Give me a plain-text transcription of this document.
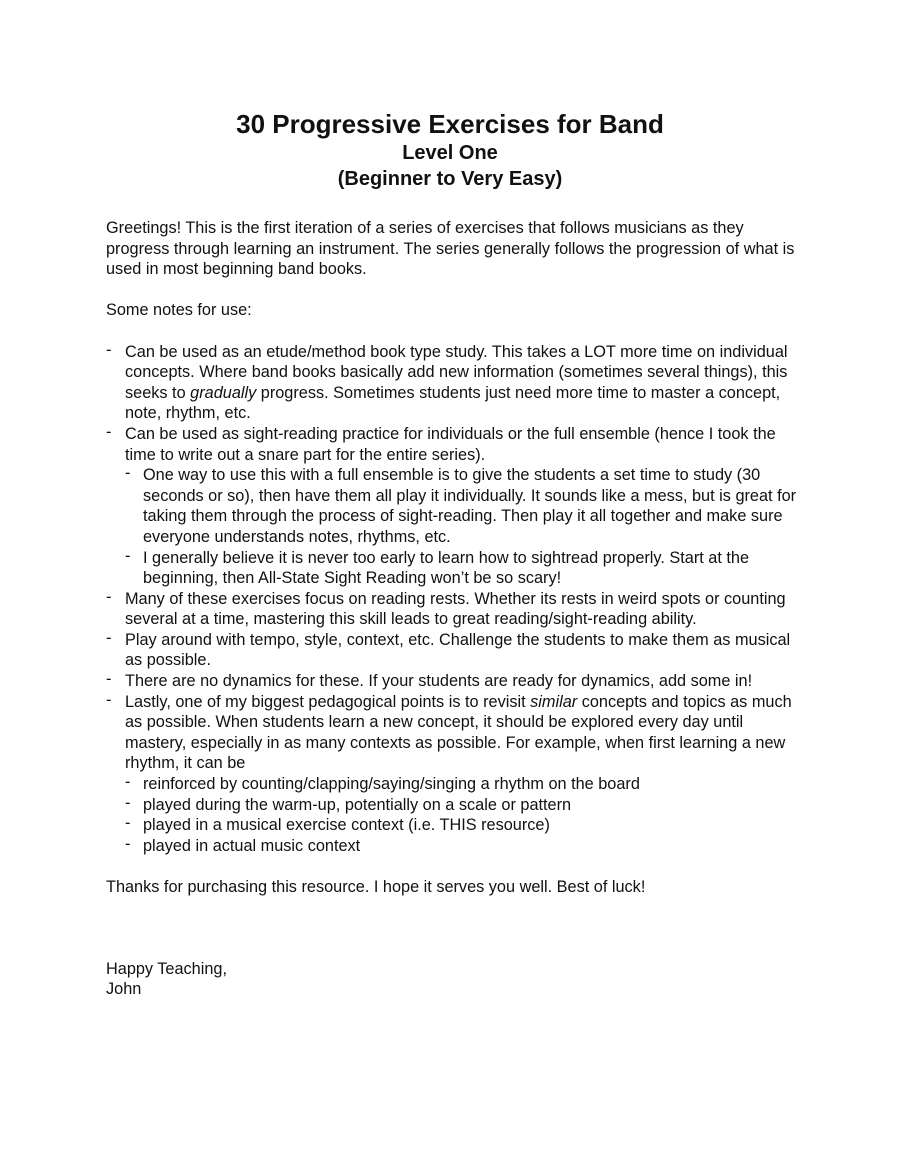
30 Progressive Exercises for Band
Level One
(Beginner to Very Easy)

Greetings! This is the first iteration of a series of exercises that follows musicians as they progress through learning an instrument. The series generally follows the progression of what is used in most beginning band books.

Some notes for use:

- Can be used as an etude/method book type study. This takes a LOT more time on individual concepts. Where band books basically add new information (sometimes several things), this seeks to gradually progress. Sometimes students just need more time to master a concept, note, rhythm, etc.
- Can be used as sight-reading practice for individuals or the full ensemble (hence I took the time to write out a snare part for the entire series).
- One way to use this with a full ensemble is to give the students a set time to study (30 seconds or so), then have them all play it individually. It sounds like a mess, but is great for taking them through the process of sight-reading. Then play it all together and make sure everyone understands notes, rhythms, etc.
- I generally believe it is never too early to learn how to sightread properly. Start at the beginning, then All-State Sight Reading won’t be so scary!
- Many of these exercises focus on reading rests. Whether its rests in weird spots or counting several at a time, mastering this skill leads to great reading/sight-reading ability.
- Play around with tempo, style, context, etc. Challenge the students to make them as musical as possible.
- There are no dynamics for these. If your students are ready for dynamics, add some in!
- Lastly, one of my biggest pedagogical points is to revisit similar concepts and topics as much as possible. When students learn a new concept, it should be explored every day until mastery, especially in as many contexts as possible. For example, when first learning a new rhythm, it can be
- reinforced by counting/clapping/saying/singing a rhythm on the board
- played during the warm-up, potentially on a scale or pattern
- played in a musical exercise context (i.e. THIS resource)
- played in actual music context

Thanks for purchasing this resource. I hope it serves you well. Best of luck!

Happy Teaching,

John
